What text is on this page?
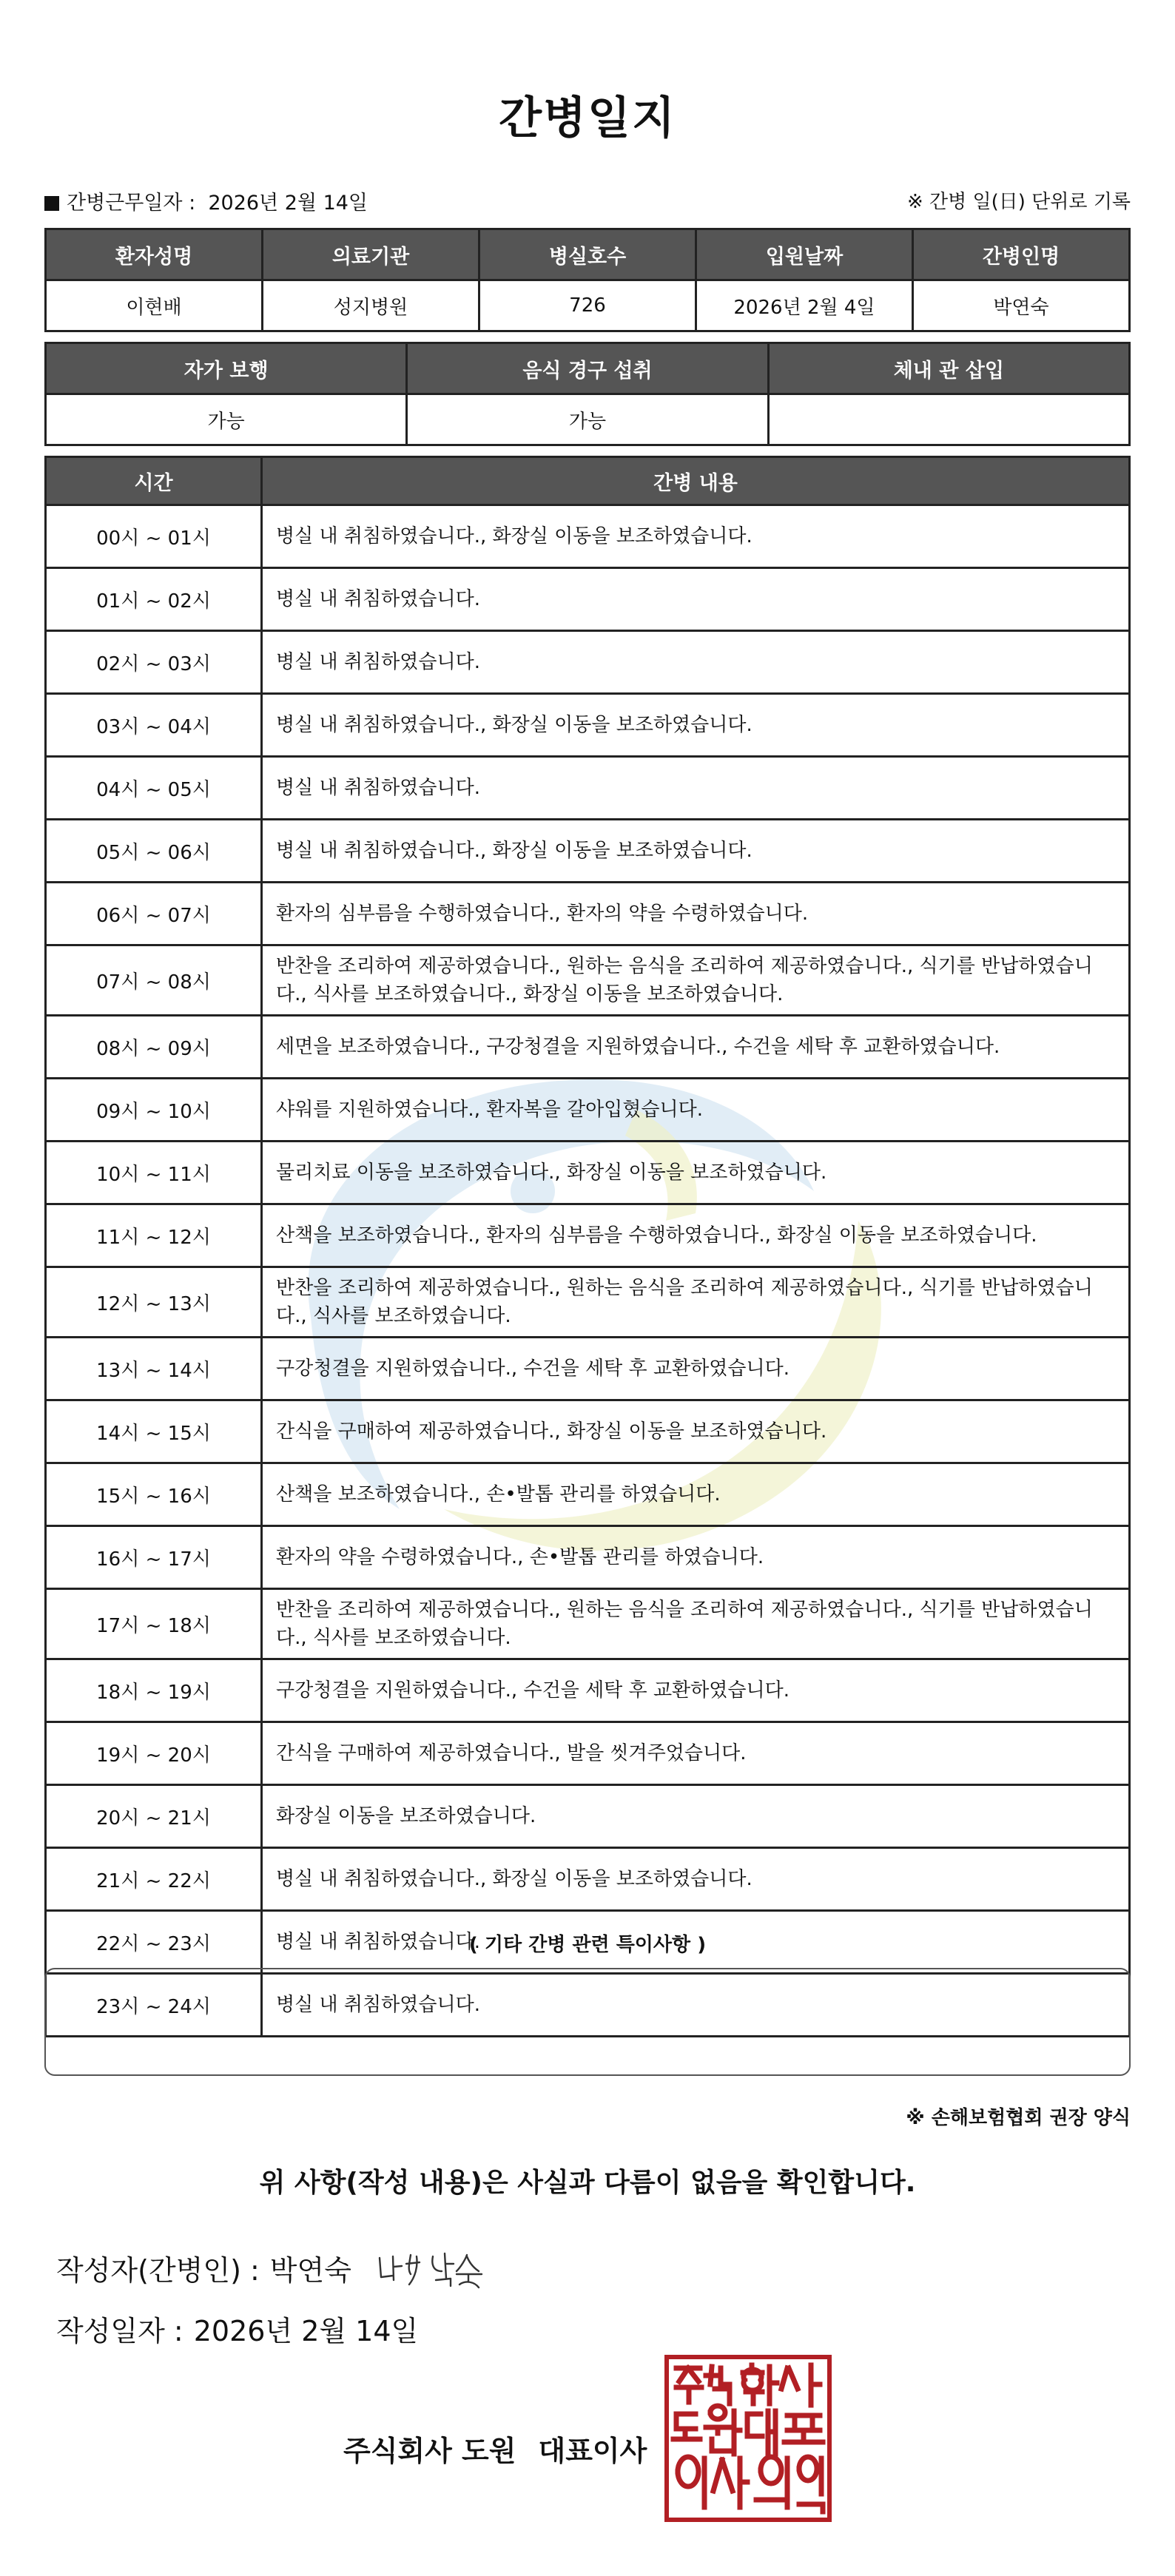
간병일지
간병근무일자 : 2026년 2월 14일	※ 간병 일(日) 단위로 기록
환자성명	의료기관	병실호수	입원날짜	간병인명
이현배	성지병원	726	2026년 2월 4일	박연숙
자가 보행	음식 경구 섭취	체내 관 삽입
가능	가능	
시간	간병 내용
00시 ~ 01시	병실 내 취침하였습니다., 화장실 이동을 보조하였습니다.
01시 ~ 02시	병실 내 취침하였습니다.
02시 ~ 03시	병실 내 취침하였습니다.
03시 ~ 04시	병실 내 취침하였습니다., 화장실 이동을 보조하였습니다.
04시 ~ 05시	병실 내 취침하였습니다.
05시 ~ 06시	병실 내 취침하였습니다., 화장실 이동을 보조하였습니다.
06시 ~ 07시	환자의 심부름을 수행하였습니다., 환자의 약을 수령하였습니다.
07시 ~ 08시	반찬을 조리하여 제공하였습니다., 원하는 음식을 조리하여 제공하였습니다., 식기를 반납하였습니다., 식사를 보조하였습니다., 화장실 이동을 보조하였습니다.
08시 ~ 09시	세면을 보조하였습니다., 구강청결을 지원하였습니다., 수건을 세탁 후 교환하였습니다.
09시 ~ 10시	샤워를 지원하였습니다., 환자복을 갈아입혔습니다.
10시 ~ 11시	물리치료 이동을 보조하였습니다., 화장실 이동을 보조하였습니다.
11시 ~ 12시	산책을 보조하였습니다., 환자의 심부름을 수행하였습니다., 화장실 이동을 보조하였습니다.
12시 ~ 13시	반찬을 조리하여 제공하였습니다., 원하는 음식을 조리하여 제공하였습니다., 식기를 반납하였습니다., 식사를 보조하였습니다.
13시 ~ 14시	구강청결을 지원하였습니다., 수건을 세탁 후 교환하였습니다.
14시 ~ 15시	간식을 구매하여 제공하였습니다., 화장실 이동을 보조하였습니다.
15시 ~ 16시	산책을 보조하였습니다., 손•발톱 관리를 하였습니다.
16시 ~ 17시	환자의 약을 수령하였습니다., 손•발톱 관리를 하였습니다.
17시 ~ 18시	반찬을 조리하여 제공하였습니다., 원하는 음식을 조리하여 제공하였습니다., 식기를 반납하였습니다., 식사를 보조하였습니다.
18시 ~ 19시	구강청결을 지원하였습니다., 수건을 세탁 후 교환하였습니다.
19시 ~ 20시	간식을 구매하여 제공하였습니다., 발을 씻겨주었습니다.
20시 ~ 21시	화장실 이동을 보조하였습니다.
21시 ~ 22시	병실 내 취침하였습니다., 화장실 이동을 보조하였습니다.
22시 ~ 23시	병실 내 취침하였습니다.
23시 ~ 24시	병실 내 취침하였습니다.
( 기타 간병 관련 특이사항 )
※ 손해보험협회 권장 양식
위 사항(작성 내용)은 사실과 다름이 없음을 확인합니다.
작성자(간병인) : 박연숙
작성일자 : 2026년 2월 14일
주식회사 도원 대표이사
